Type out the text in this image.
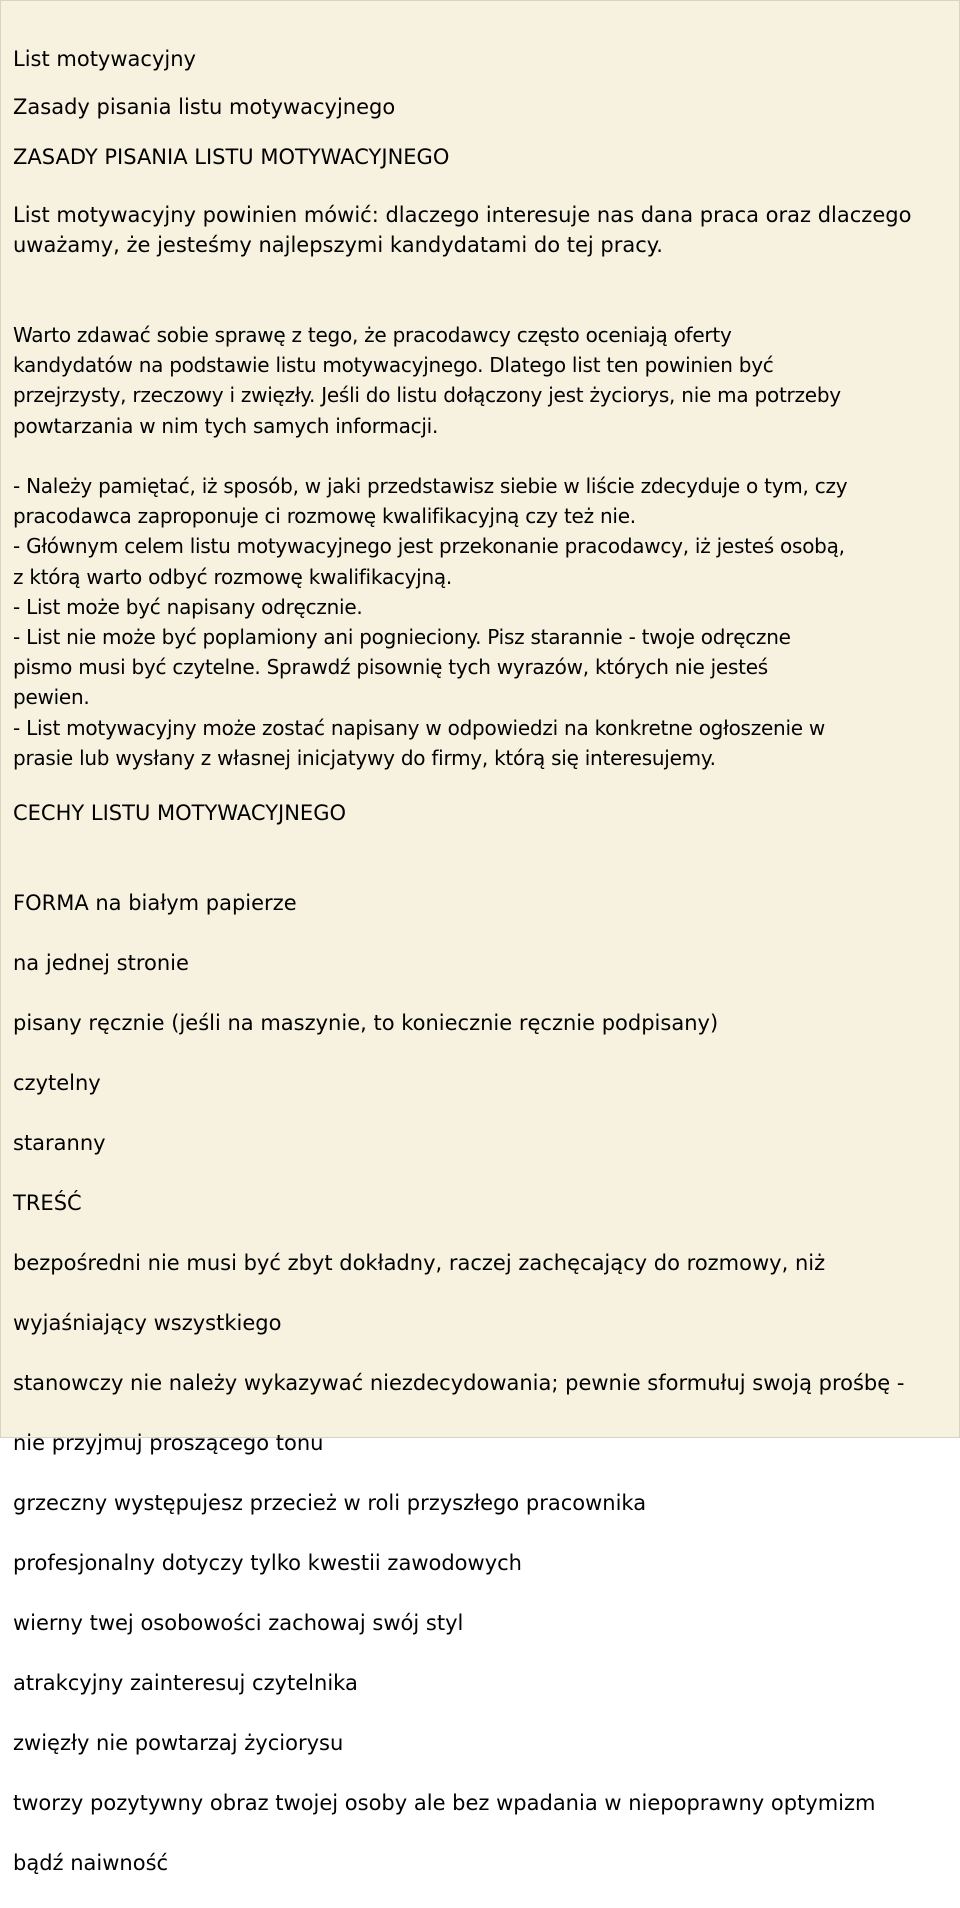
List motywacyjny
Zasady pisania listu motywacyjnego
ZASADY PISANIA LISTU MOTYWACYJNEGO
List motywacyjny powinien mówić: dlaczego interesuje nas dana praca oraz dlaczego
uważamy, że jesteśmy najlepszymi kandydatami do tej pracy.
Warto zdawać sobie sprawę z tego, że pracodawcy często oceniają oferty
kandydatów na podstawie listu motywacyjnego. Dlatego list ten powinien być
przejrzysty, rzeczowy i zwięzły. Jeśli do listu dołączony jest życiorys, nie ma potrzeby
powtarzania w nim tych samych informacji.
- Należy pamiętać, iż sposób, w jaki przedstawisz siebie w liście zdecyduje o tym, czy
pracodawca zaproponuje ci rozmowę kwalifikacyjną czy też nie.
- Głównym celem listu motywacyjnego jest przekonanie pracodawcy, iż jesteś osobą,
z którą warto odbyć rozmowę kwalifikacyjną.
- List może być napisany odręcznie.
- List nie może być poplamiony ani pognieciony. Pisz starannie - twoje odręczne
pismo musi być czytelne. Sprawdź pisownię tych wyrazów, których nie jesteś
pewien.
- List motywacyjny może zostać napisany w odpowiedzi na konkretne ogłoszenie w
prasie lub wysłany z własnej inicjatywy do firmy, którą się interesujemy.
CECHY LISTU MOTYWACYJNEGO

FORMA na białym papierze

na jednej stronie

pisany ręcznie (jeśli na maszynie, to koniecznie ręcznie podpisany)

czytelny

staranny

TREŚĆ

bezpośredni nie musi być zbyt dokładny, raczej zachęcający do rozmowy, niż

wyjaśniający wszystkiego

stanowczy nie należy wykazywać niezdecydowania; pewnie sformułuj swoją prośbę -

nie przyjmuj proszącego tonu

grzeczny występujesz przecież w roli przyszłego pracownika

profesjonalny dotyczy tylko kwestii zawodowych

wierny twej osobowości zachowaj swój styl

atrakcyjny zainteresuj czytelnika

zwięzły nie powtarzaj życiorysu

tworzy pozytywny obraz twojej osoby ale bez wpadania w niepoprawny optymizm

bądź naiwność
